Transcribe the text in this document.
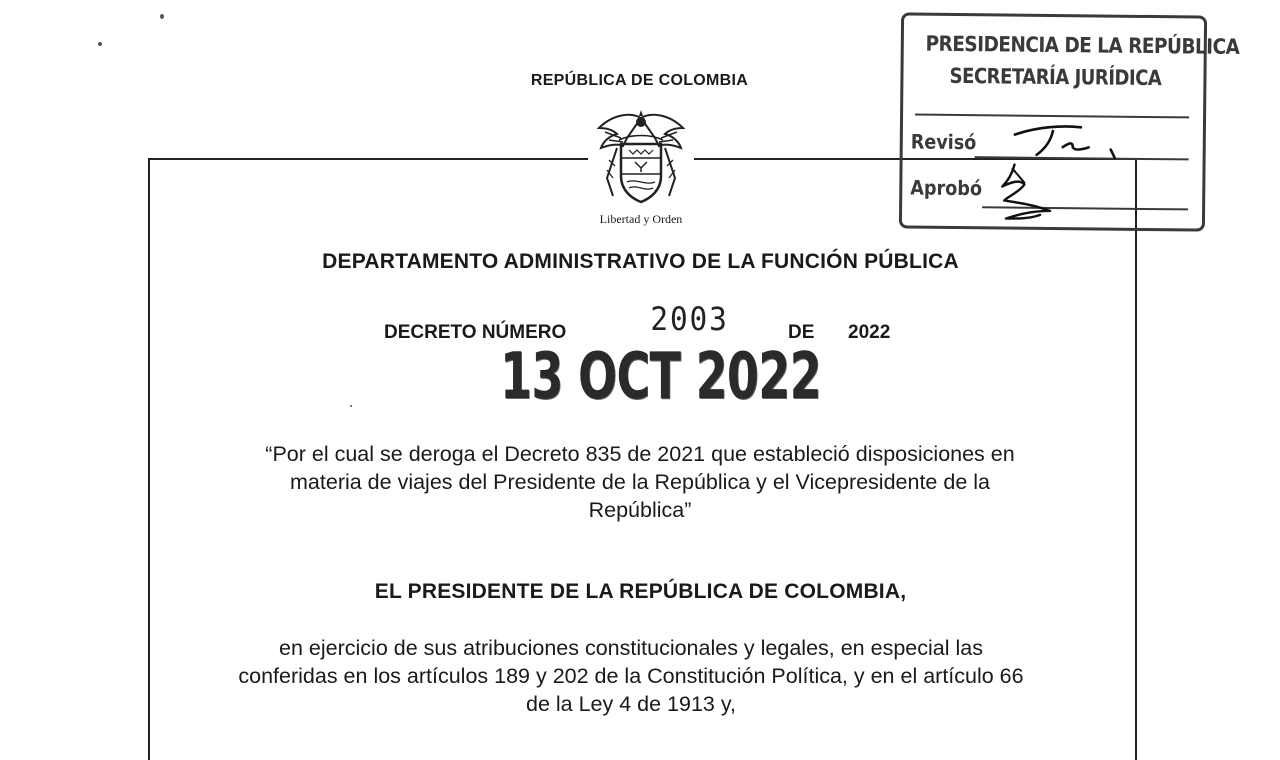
REPÚBLICA DE COLOMBIA
Libertad y Orden
DEPARTAMENTO ADMINISTRATIVO DE LA FUNCIÓN PÚBLICA
DECRETO NÚMERO	2003	DE 2022
13 OCT 2022
“Por el cual se deroga el Decreto 835 de 2021 que estableció disposiciones en
materia de viajes del Presidente de la República y el Vicepresidente de la
República”
EL PRESIDENTE DE LA REPÚBLICA DE COLOMBIA,
en ejercicio de sus atribuciones constitucionales y legales, en especial las
conferidas en los artículos 189 y 202 de la Constitución Política, y en el artículo 66
de la Ley 4 de 1913 y,
PRESIDENCIA DE LA REPÚBLICA
SECRETARÍA JURÍDICA
Revisó
Aprobó
